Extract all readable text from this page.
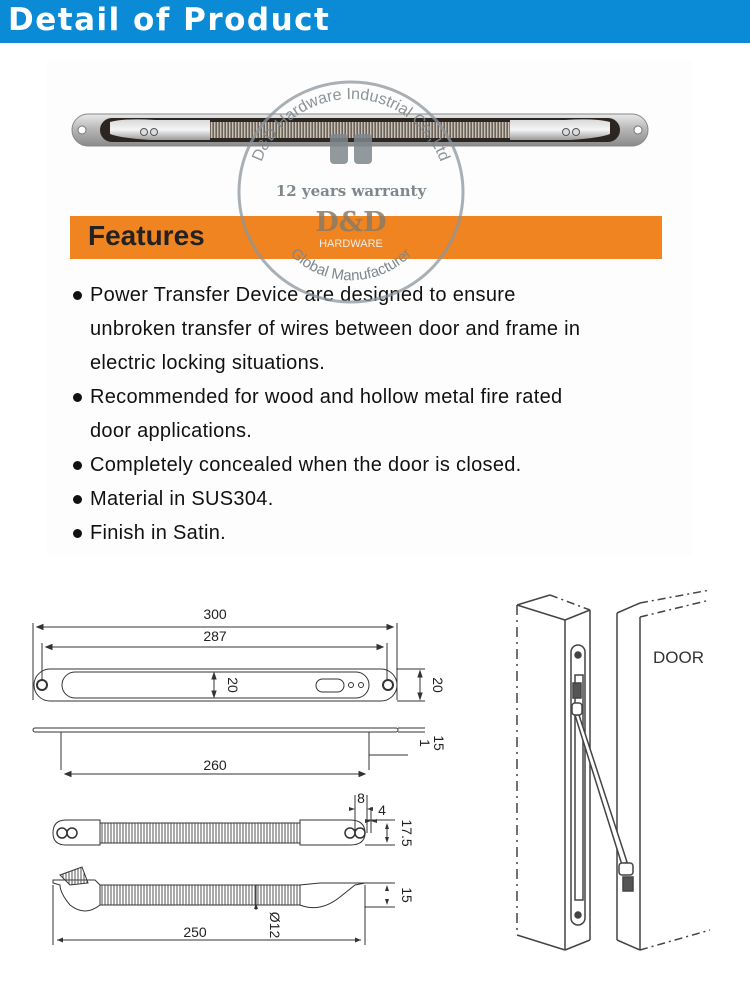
Detail of Product
Features
Power Transfer Device are designed to ensure
unbroken transfer of wires between door and frame in
electric locking situations.
Recommended for wood and hollow metal fire rated
door applications.
Completely concealed when the door is closed.
Material in SUS304.
Finish in Satin.
D&D Hardware Industrial Co.,Ltd
12 years warranty
D&D
HARDWARE
Global Manufacturer
300
287
20	20
1
15
260
8
4
17.5
250	Ø12
15
DOOR
